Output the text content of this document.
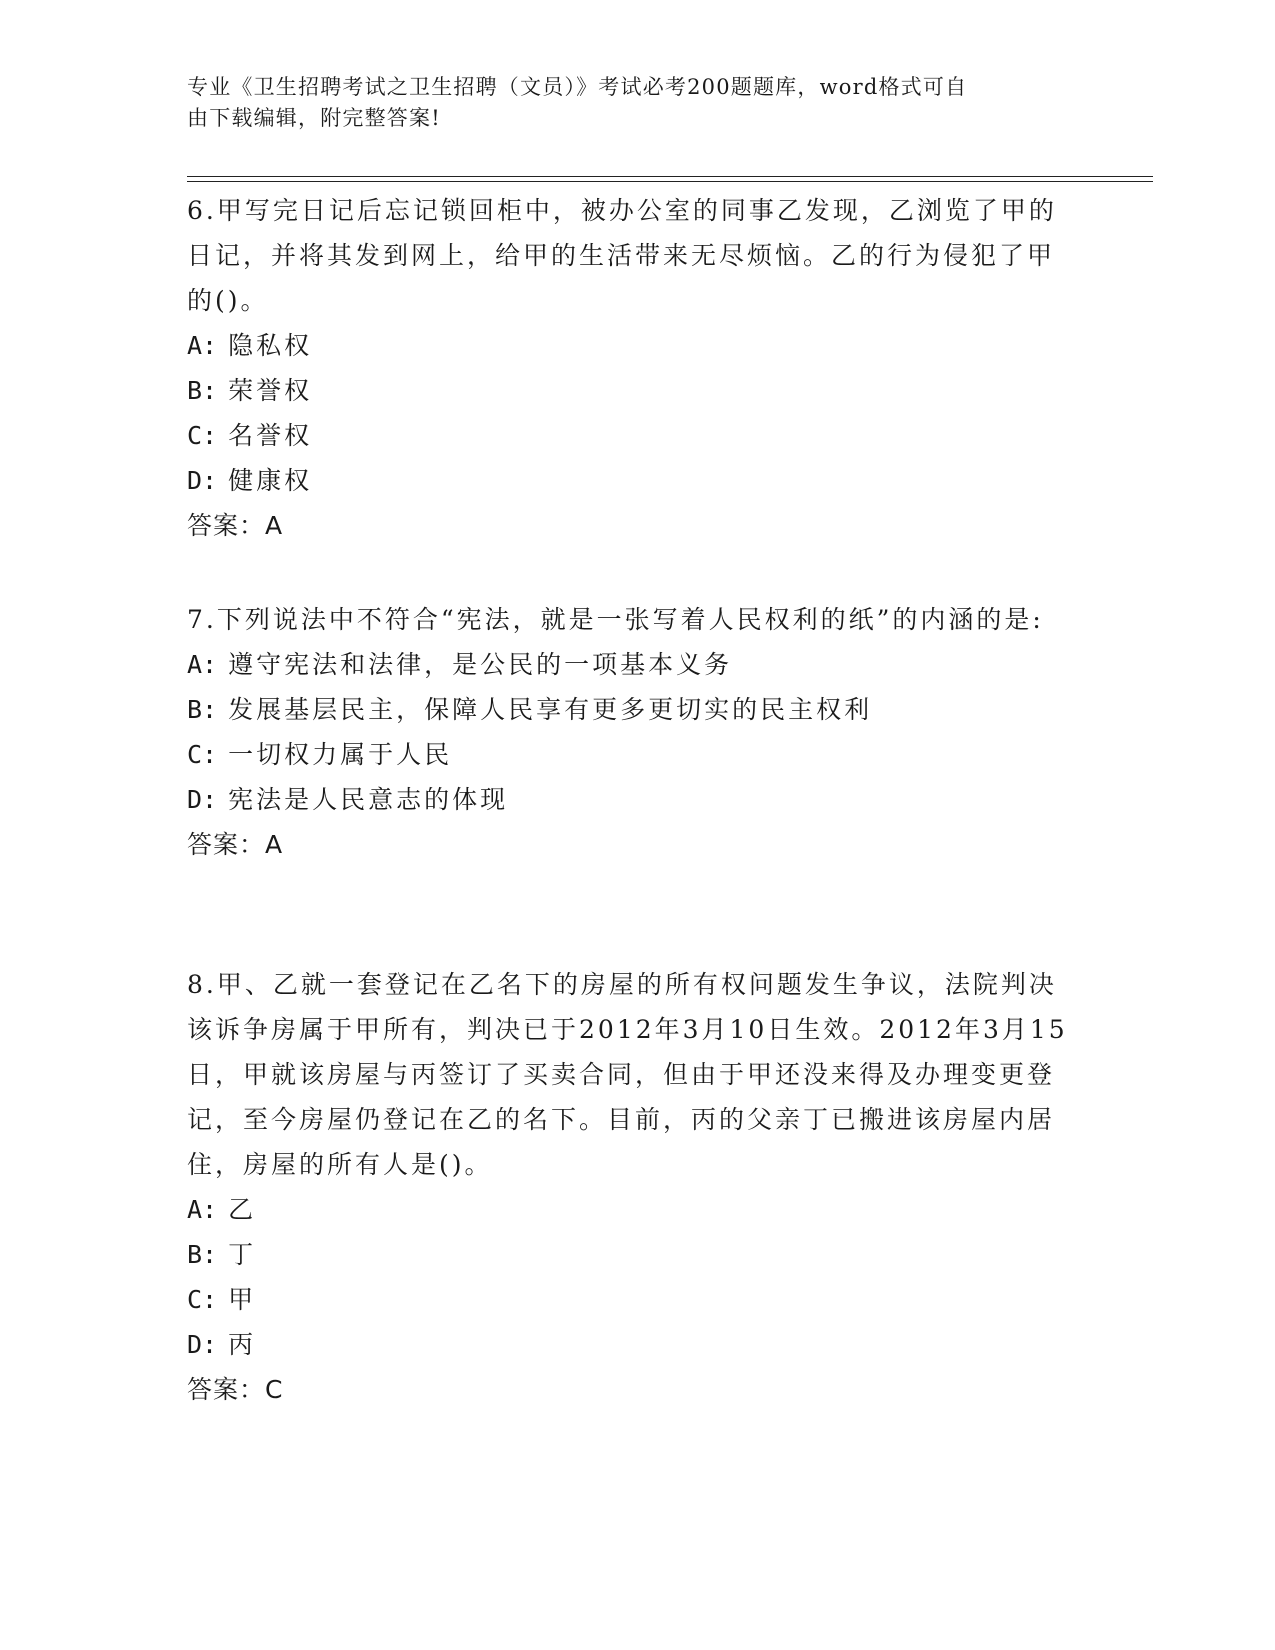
专业《卫生招聘考试之卫生招聘（文员）》考试必考200题题库，word格式可自
由下载编辑，附完整答案!

6.甲写完日记后忘记锁回柜中，被办公室的同事乙发现，乙浏览了甲的日记，并将其发到网上，给甲的生活带来无尽烦恼。乙的行为侵犯了甲的()。

A: 隐私权

B: 荣誉权

C: 名誉权

D: 健康权

答案：A

7.下列说法中不符合“宪法，就是一张写着人民权利的纸”的内涵的是:

A: 遵守宪法和法律，是公民的一项基本义务

B: 发展基层民主，保障人民享有更多更切实的民主权利

C: 一切权力属于人民

D: 宪法是人民意志的体现

答案：A

8.甲、乙就一套登记在乙名下的房屋的所有权问题发生争议，法院判决该诉争房属于甲所有，判决已于2012年3月10日生效。2012年3月15日，甲就该房屋与丙签订了买卖合同，但由于甲还没来得及办理变更登记，至今房屋仍登记在乙的名下。目前，丙的父亲丁已搬进该房屋内居住，房屋的所有人是()。

A: 乙

B: 丁

C: 甲

D: 丙

答案：C
